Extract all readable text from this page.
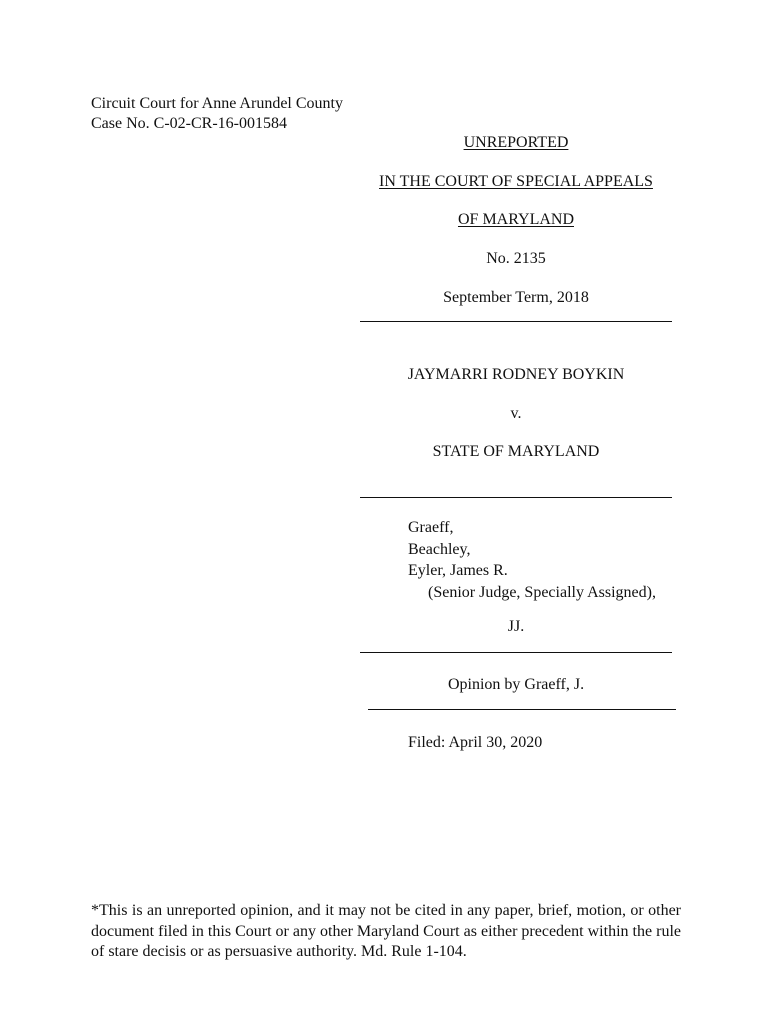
Circuit Court for Anne Arundel County
Case No. C-02-CR-16-001584
UNREPORTED
IN THE COURT OF SPECIAL APPEALS
OF MARYLAND
No. 2135
September Term, 2018
JAYMARRI RODNEY BOYKIN
v.
STATE OF MARYLAND
Graeff,
Beachley,
Eyler, James R.
(Senior Judge, Specially Assigned),
JJ.
Opinion by Graeff, J.
Filed: April 30, 2020
*This is an unreported opinion, and it may not be cited in any paper, brief, motion, or other document filed in this Court or any other Maryland Court as either precedent within the rule of stare decisis or as persuasive authority. Md. Rule 1-104.
